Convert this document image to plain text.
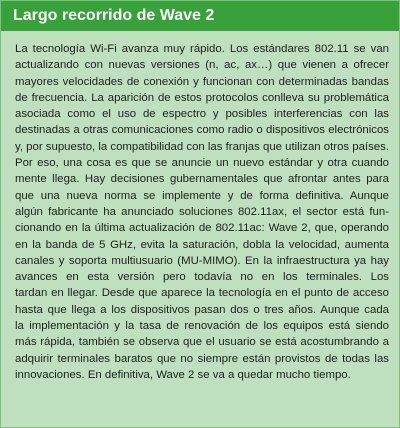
Largo recorrido de Wave 2
La tecnología Wi-Fi avanza muy rápido. Los estándares 802.11 se van
actualizando con nuevas versiones (n, ac, ax…) que vienen a ofrecer
mayores velocidades de conexión y funcionan con determinadas bandas
de frecuencia. La aparición de estos protocolos conlleva su problemática
asociada como el uso de espectro y posibles interferencias con las
destinadas a otras comunicaciones como radio o dispositivos electrónicos
y, por supuesto, la compatibilidad con las franjas que utilizan otros países.
Por eso, una cosa es que se anuncie un nuevo estándar y otra cuando
mente llega. Hay decisiones gubernamentales que afrontar antes para
que una nueva norma se implemente y de forma definitiva. Aunque
algún fabricante ha anunciado soluciones 802.11ax, el sector está fun-
cionando en la última actualización de 802.11ac: Wave 2, que, operando
en la banda de 5 GHz, evita la saturación, dobla la velocidad, aumenta
canales y soporta multiusuario (MU-MIMO). En la infraestructura ya hay
avances en esta versión pero todavía no en los terminales. Los
tardan en llegar. Desde que aparece la tecnología en el punto de acceso
hasta que llega a los dispositivos pasan dos o tres años. Aunque cada
la implementación y la tasa de renovación de los equipos está siendo
más rápida, también se observa que el usuario se está acostumbrando a
adquirir terminales baratos que no siempre están provistos de todas las
innovaciones. En definitiva, Wave 2 se va a quedar mucho tiempo.
